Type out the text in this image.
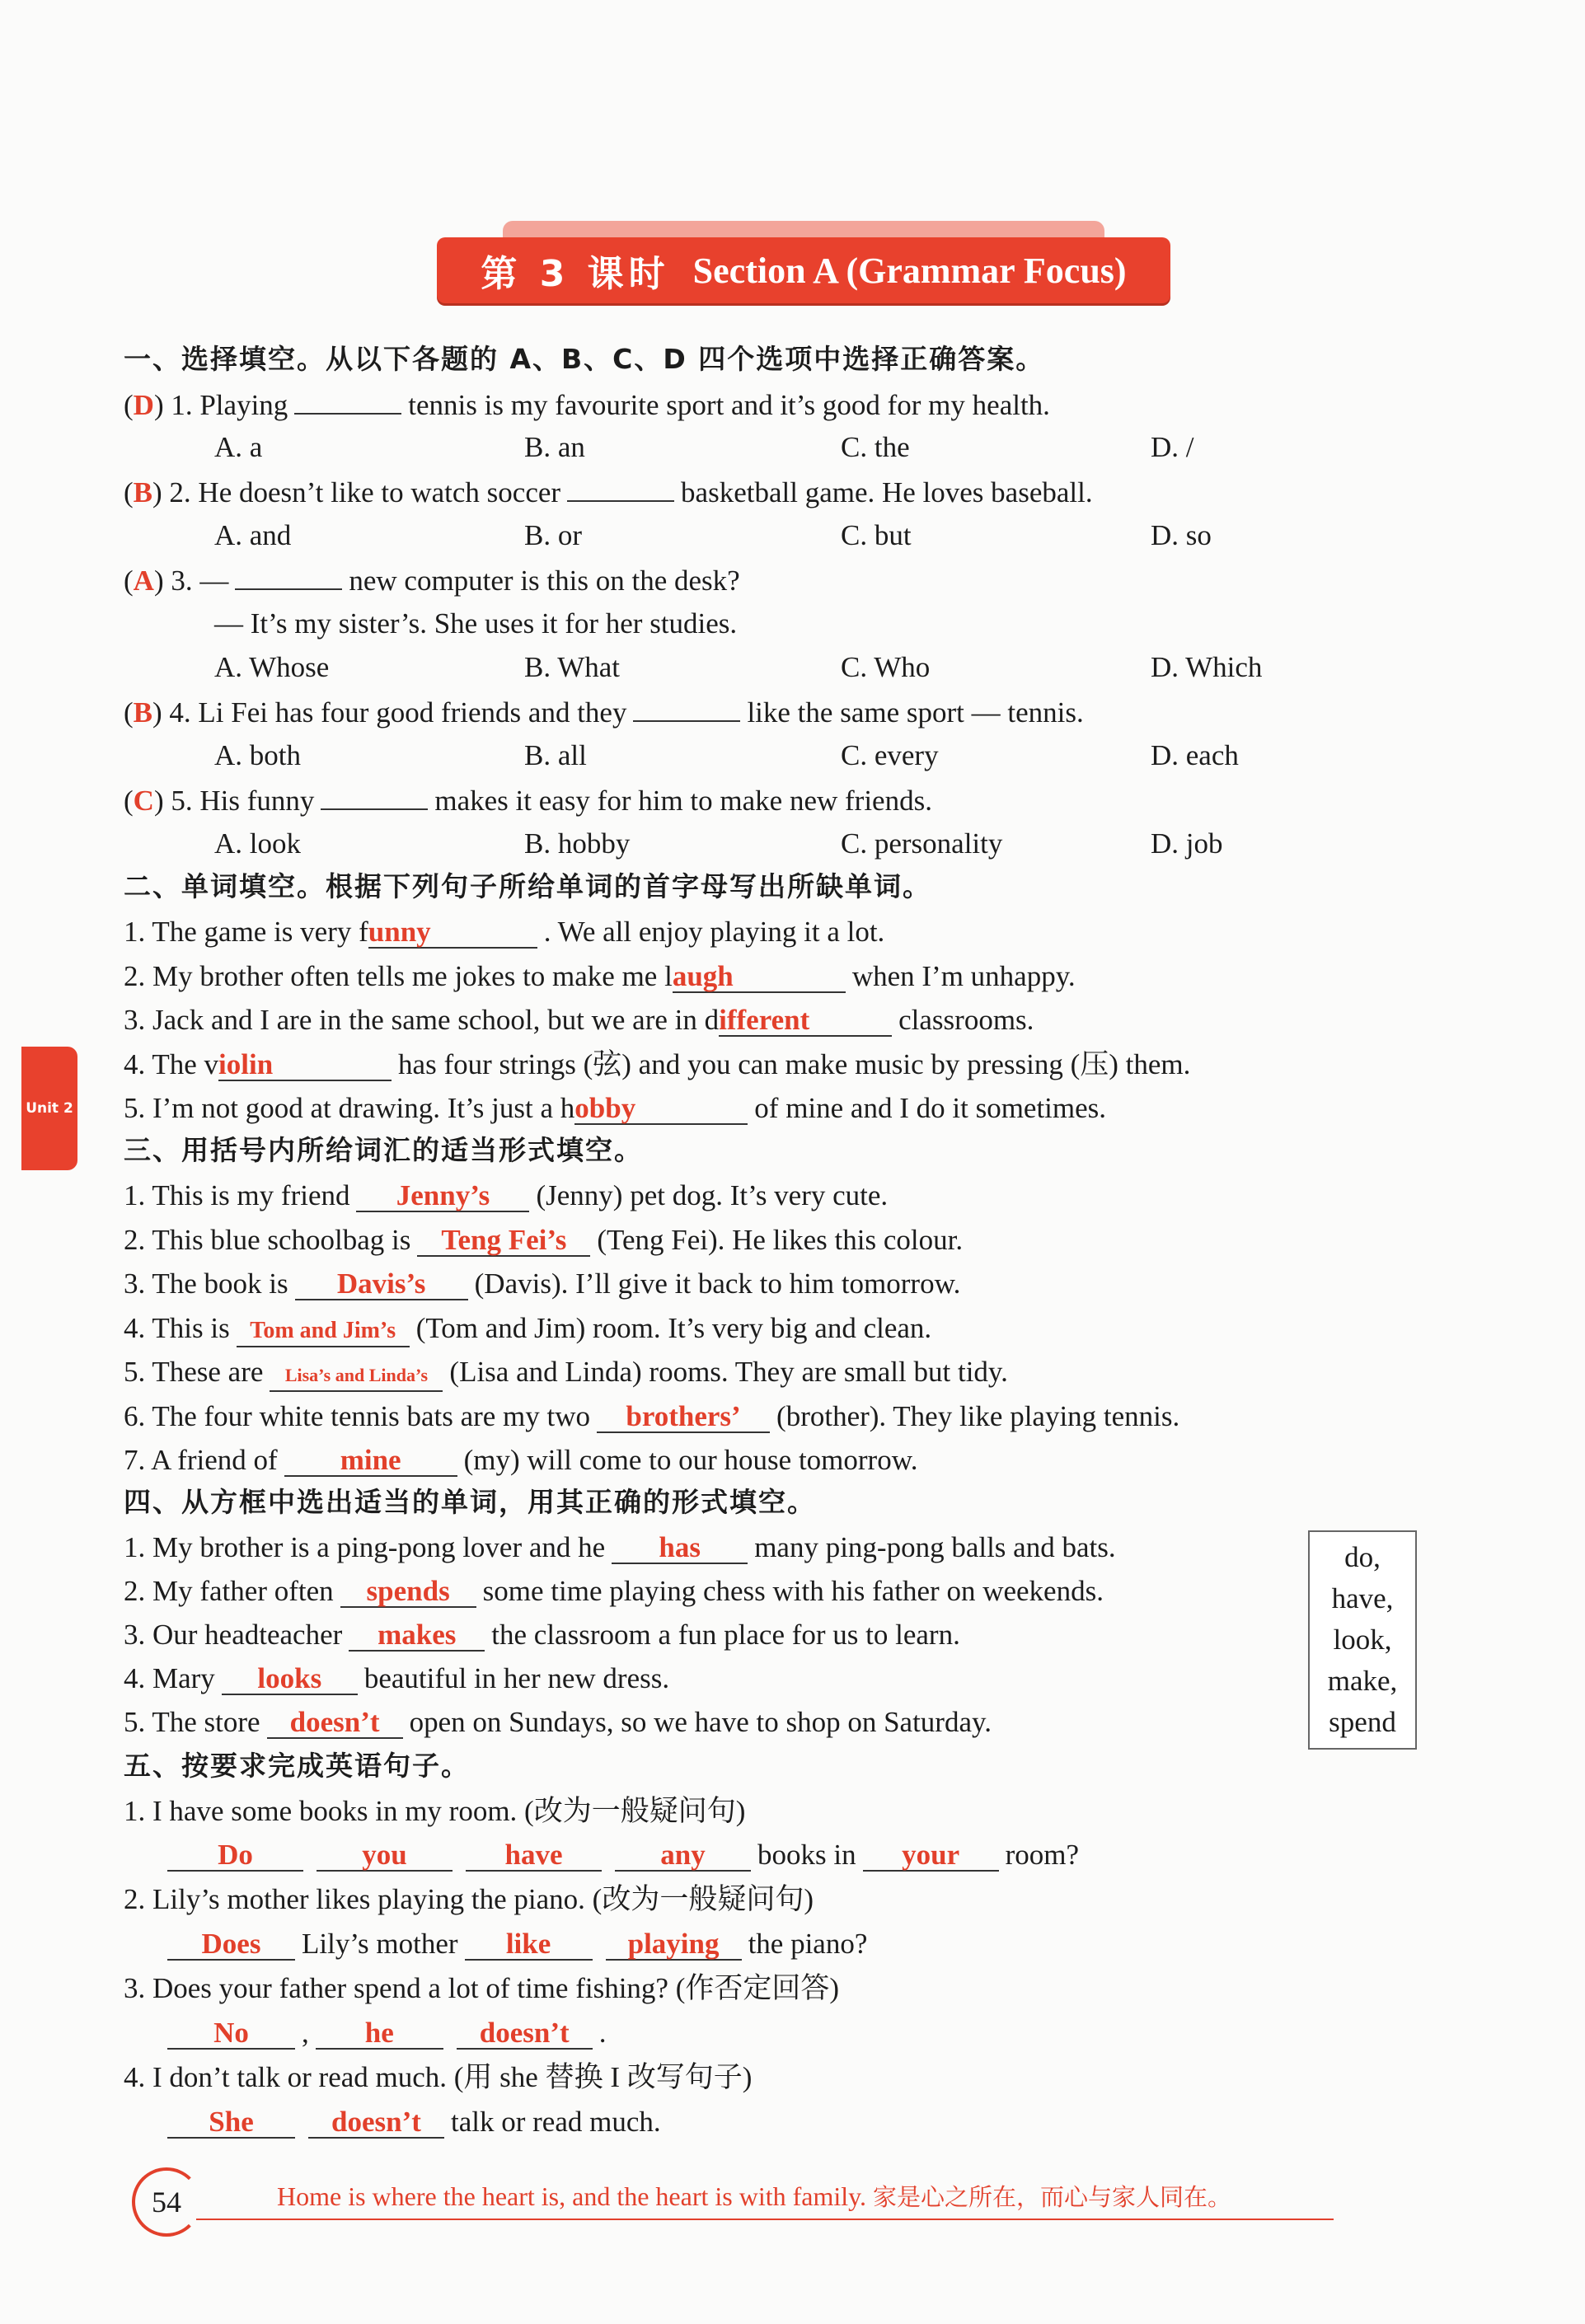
第 3 课时 Section A (Grammar Focus)
Unit 2
一、选择填空。从以下各题的 A、B、C、D 四个选项中选择正确答案。
(D) 1. Playing	tennis is my favourite sport and it’s good for my health.
A. a	B. an	C. the	D. /
(B) 2. He doesn’t like to watch soccer	basketball game. He loves baseball.
A. and	B. or	C. but	D. so
(A) 3. —	new computer is this on the desk?
— It’s my sister’s. She uses it for her studies.
A. Whose	B. What	C. Who	D. Which
(B) 4. Li Fei has four good friends and they	like the same sport — tennis.
A. both	B. all	C. every	D. each
(C) 5. His funny	makes it easy for him to make new friends.
A. look	B. hobby	C. personality	D. job
二、单词填空。根据下列句子所给单词的首字母写出所缺单词。
1. The game is very funny	. We all enjoy playing it a lot.
2. My brother often tells me jokes to make me laugh	when I’m unhappy.
3. Jack and I are in the same school, but we are in different	classrooms.
4. The violin	has four strings (弦) and you can make music by pressing (压) them.
5. I’m not good at drawing. It’s just a hobby	of mine and I do it sometimes.
三、用括号内所给词汇的适当形式填空。
1. This is my friend Jenny’s (Jenny) pet dog. It’s very cute.
2. This blue schoolbag is Teng Fei’s (Teng Fei). He likes this colour.
3. The book is Davis’s (Davis). I’ll give it back to him tomorrow.
4. This is Tom and Jim’s (Tom and Jim) room. It’s very big and clean.
5. These are Lisa’s and Linda’s (Lisa and Linda) rooms. They are small but tidy.
6. The four white tennis bats are my two brothers’ (brother). They like playing tennis.
7. A friend of mine (my) will come to our house tomorrow.
四、从方框中选出适当的单词，用其正确的形式填空。
1. My brother is a ping-pong lover and he has many ping-pong balls and bats.
2. My father often spends some time playing chess with his father on weekends.
3. Our headteacher makes the classroom a fun place for us to learn.
4. Mary looks beautiful in her new dress.
5. The store doesn’t open on Sundays, so we have to shop on Saturday.
do,
have,
look,
make,
spend
五、按要求完成英语句子。
1. I have some books in my room. (改为一般疑问句)
Do	you	have	any books in your room?
2. Lily’s mother likes playing the piano. (改为一般疑问句)
Does Lily’s mother like	playing the piano?
3. Does your father spend a lot of time fishing? (作否定回答)
No , he	doesn’t .
4. I don’t talk or read much. (用 she 替换 I 改写句子)
She	doesn’t talk or read much.
54	Home is where the heart is, and the heart is with family. 家是心之所在，而心与家人同在。
